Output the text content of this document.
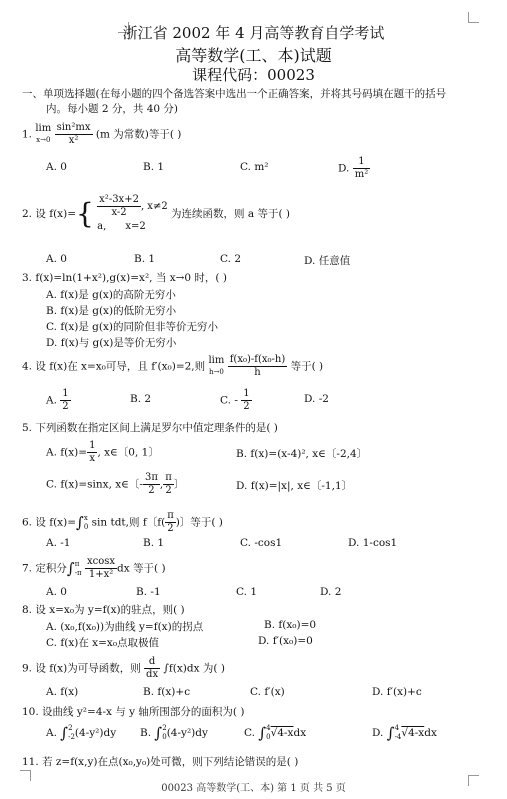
浙江省 2002 年 4 月高等教育自学考试
高等数学(工、本)试题
课程代码：00023
一、单项选择题(在每小题的四个备选答案中选出一个正确答案，并将其号码填在题干的括号
内。每小题 2 分，共 40 分)
1. lim
$x\to 0 \frac{\text{sin²mx}}{\text{x²}} (m$ 为常数)等于( )
A. 0	B. 1	C. m²	D. $\frac{1}{\text{m²}}$
2. 设 $f(x)=\{ \frac{\text{x²-3x+2}}{x-2}$ , x≠2
a,      x=2 为连续函数，则 a 等于( )
A. 0	B. 1	C. 2	D. 任意值
3. f(x)=ln(1+x²),g(x)=x², 当 x→0 时，( )
A. f(x)是 g(x)的高阶无穷小
B. f(x)是 g(x)的低阶无穷小
C. f(x)是 g(x)的同阶但非等价无穷小
D. f(x)与 g(x)是等价无穷小
4. 设 f(x)在 x=x₀可导，且 f′(x₀)=2,则 lim
$h\to 0 \frac{\text{f(x₀)-f(x₀-h)}}{h}$ 等于( )
A. $\frac{1}{2}$	B. 2	C. - $\frac{1}{2}$	D. -2
5. 下列函数在指定区间上满足罗尔中值定理条件的是( )
A. $f(x)= \frac{1}{x}$ , x∈〔0, 1〕	B. f(x)=(x-4)², x∈〔-2,4〕
C. f(x)=sinx, x∈〔- $\frac{3\pi}{2}$ , $\frac{\pi}{2}$ 〕	D. f(x)=|x|, x∈〔-1,1〕
6. 设 f(x)=∫x
0 sin tdt,则 f〔$f( \frac{\pi}{2}$ )〕等于( )
A. -1	B. 1	C. -cos1	D. 1-cos1
7. 定积分∫π
$-\pi \frac{xcosx}{\text{1+x²}}$ dx 等于( )
A. 0	B. -1	C. 1	D. 2
8. 设 x=x₀为 y=f(x)的驻点，则( )
A. (x₀,f(x₀))为曲线 y=f(x)的拐点	B. f(x₀)=0
C. f(x)在 x=x₀点取极值	D. f′(x₀)=0
9. 设 f(x)为可导函数，则 $\frac{d}{dx} \int f(x)dx$ 为( )
A. f(x)	B. f(x)+c	C. f′(x)	D. f′(x)+c
10. 设曲线 y²=4-x 与 y 轴所围部分的面积为( )
A. ∫2
-2(4-y²)dy B. ∫2
0(4-y²)dy	C. ∫4
0√4-xdx	D. ∫4
-4√4-xdx
11. 若 z=f(x,y)在点(x₀,y₀)处可微，则下列结论错误的是( )
00023 高等数学(工、本) 第 1 页 共 5 页
